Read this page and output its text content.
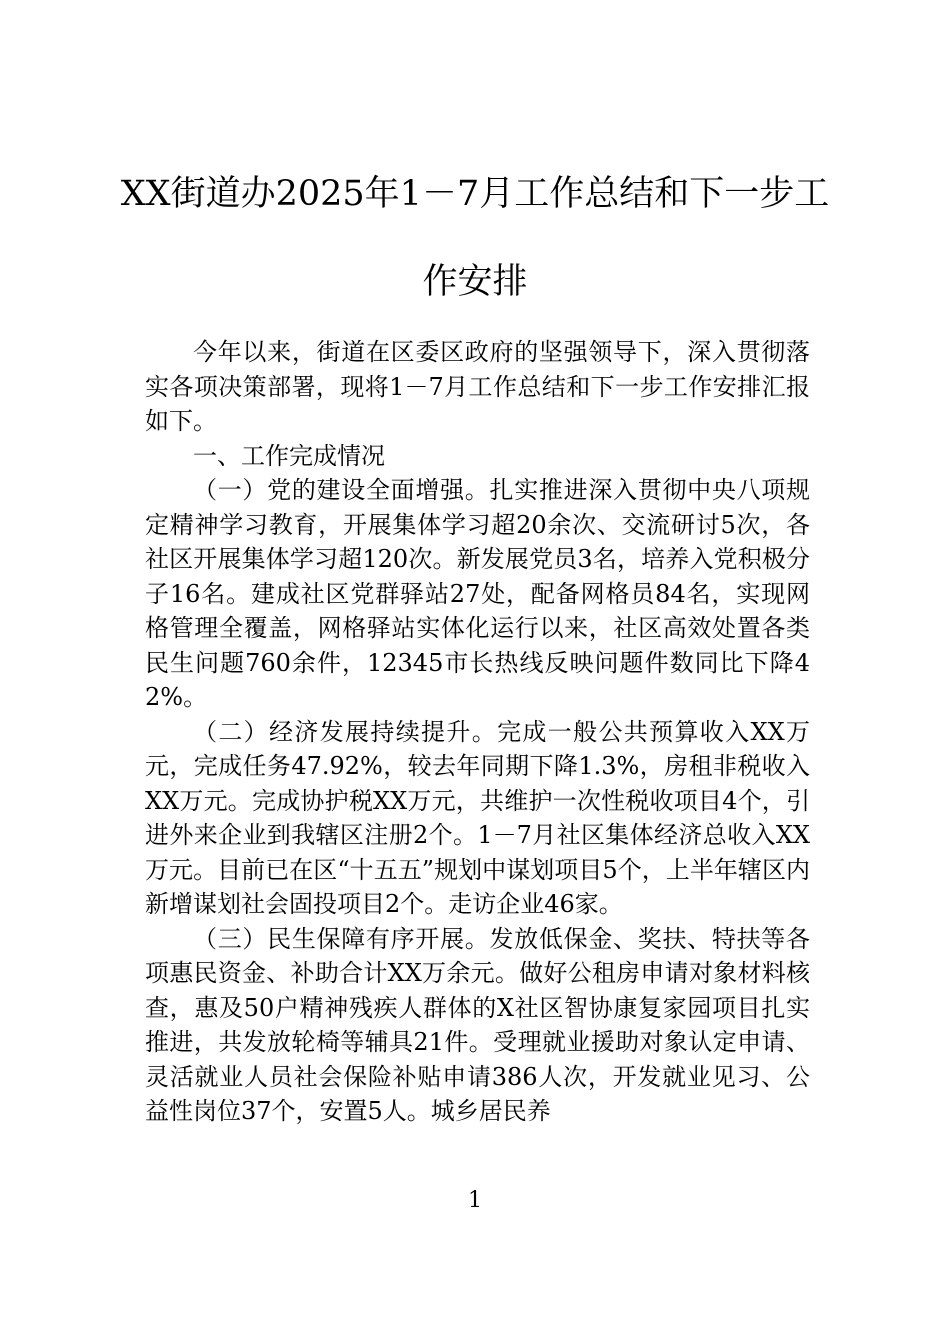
XX街道办2025年1－7月工作总结和下一步工作安排

今年以来，街道在区委区政府的坚强领导下，深入贯彻落实各项决策部署，现将1－7月工作总结和下一步工作安排汇报如下。

一、工作完成情况

（一）党的建设全面增强。扎实推进深入贯彻中央八项规定精神学习教育，开展集体学习超20余次、交流研讨5次，各社区开展集体学习超120次。新发展党员3名，培养入党积极分子16名。建成社区党群驿站27处，配备网格员84名，实现网格管理全覆盖，网格驿站实体化运行以来，社区高效处置各类民生问题760余件，12345市长热线反映问题件数同比下降42%。

（二）经济发展持续提升。完成一般公共预算收入XX万元，完成任务47.92%，较去年同期下降1.3%，房租非税收入XX万元。完成协护税XX万元，共维护一次性税收项目4个，引进外来企业到我辖区注册2个。1－7月社区集体经济总收入XX万元。目前已在区“十五五”规划中谋划项目5个，上半年辖区内新增谋划社会固投项目2个。走访企业46家。

（三）民生保障有序开展。发放低保金、奖扶、特扶等各项惠民资金、补助合计XX万余元。做好公租房申请对象材料核查，惠及50户精神残疾人群体的X社区智协康复家园项目扎实推进，共发放轮椅等辅具21件。受理就业援助对象认定申请、灵活就业人员社会保险补贴申请386人次，开发就业见习、公益性岗位37个，安置5人。城乡居民养

1
